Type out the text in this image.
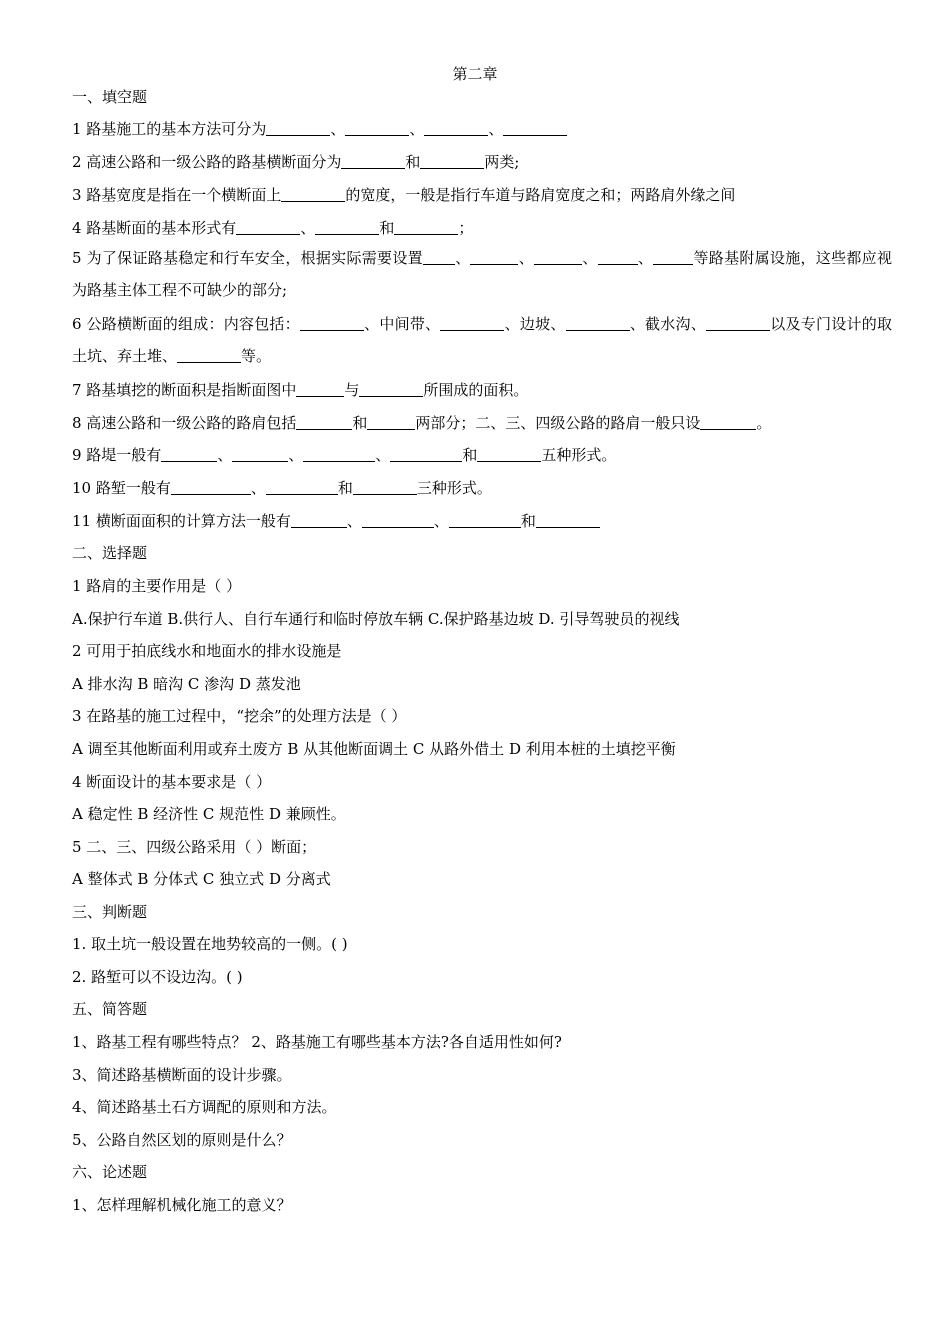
第二章
一、填空题
1 路基施工的基本方法可分为	、	、	、
2 高速公路和一级公路的路基横断面分为	和	两类;
3 路基宽度是指在一个横断面上	的宽度，一般是指行车道与路肩宽度之和；两路肩外缘之间
4 路基断面的基本形式有	、	和	；
5 为了保证路基稳定和行车安全，根据实际需要设置 、	、	、	、	等路基附属设施，这些都应视为路基主体工程不可缺少的部分;
6 公路横断面的组成：内容包括：	、中间带、	、边坡、	、截水沟、	以及专门设计的取土坑、弃土堆、	等。
7 路基填挖的断面积是指断面图中	与	所围成的面积。
8 高速公路和一级公路的路肩包括	和	两部分；二、三、四级公路的路肩一般只设	。
9 路堤一般有	、	、	、	和	五种形式。
10 路堑一般有	、	和	三种形式。
11 横断面面积的计算方法一般有	、	、	和
二、选择题
1 路肩的主要作用是（ ）
A.保护行车道 B.供行人、自行车通行和临时停放车辆 C.保护路基边坡 D. 引导驾驶员的视线
2 可用于拍底线水和地面水的排水设施是
A 排水沟 B 暗沟 C 渗沟 D 蒸发池
3 在路基的施工过程中，“挖余”的处理方法是（ ）
A 调至其他断面利用或弃土废方 B 从其他断面调土 C 从路外借土 D 利用本桩的土填挖平衡
4 断面设计的基本要求是（ ）
A 稳定性 B 经济性 C 规范性 D 兼顾性。
5 二、三、四级公路采用（ ）断面；
A 整体式 B 分体式 C 独立式 D 分离式
三、判断题
1. 取土坑一般设置在地势较高的一侧。( )
2. 路堑可以不设边沟。( )
五、简答题
1、路基工程有哪些特点？ 2、路基施工有哪些基本方法?各自适用性如何?
3、简述路基横断面的设计步骤。
4、简述路基土石方调配的原则和方法。
5、公路自然区划的原则是什么？
六、论述题
1、怎样理解机械化施工的意义？
